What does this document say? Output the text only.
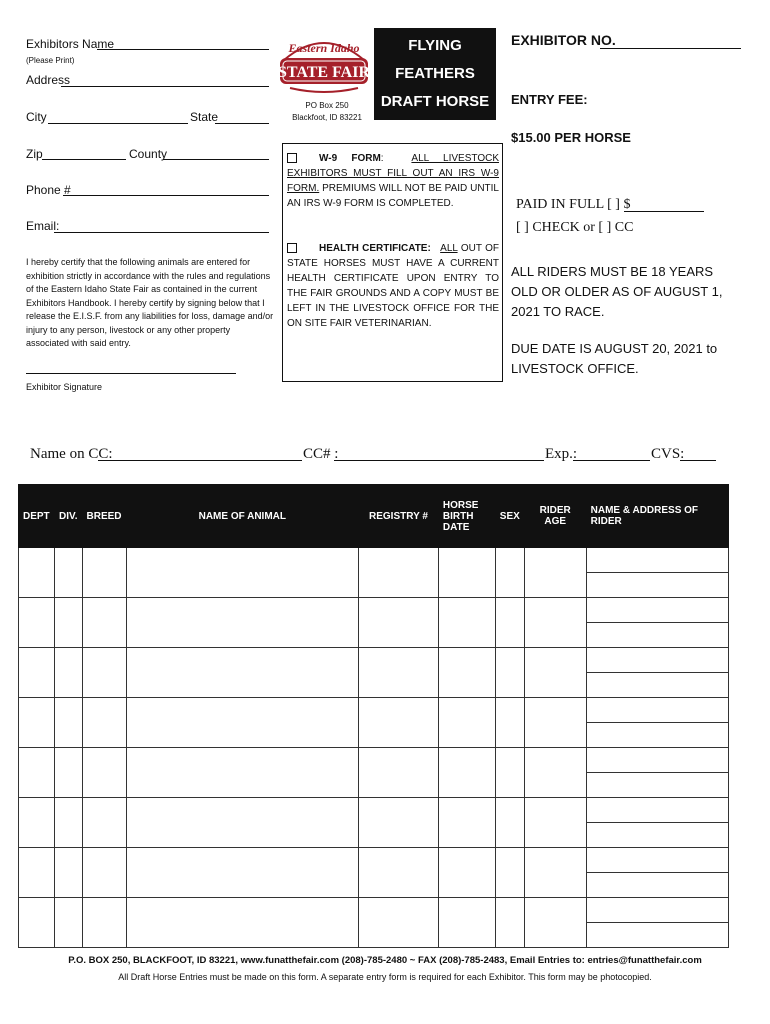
Exhibitors Name
(Please Print)
Address
City	State
Zip	County
Phone #
Email:
I hereby certify that the following animals are entered for exhibition strictly in accordance with the rules and regulations of the Eastern Idaho State Fair as contained in the current Exhibitors Handbook. I hereby certify by signing below that I release the E.I.S.F. from any liabilities for loss, damage and/or injury to any person, livestock or any other property associated with said entry.
Exhibitor Signature
Eastern Idaho
STATE FAIR
PO Box 250
Blackfoot, ID 83221
FLYING FEATHERS
DRAFT HORSE
RACE ENTRY
W-9 FORM:  ALL LIVESTOCK EXHIBITORS MUST FILL OUT AN IRS W-9 FORM. PREMIUMS WILL NOT BE PAID UNTIL AN IRS W-9 FORM IS COMPLETED.
HEALTH CERTIFICATE: ALL OUT OF STATE HORSES MUST HAVE A CURRENT HEALTH CERTIFICATE UPON ENTRY TO THE FAIR GROUNDS AND A COPY MUST BE LEFT IN THE LIVESTOCK OFFICE FOR THE ON SITE FAIR VETERINARIAN.
EXHIBITOR NO.
ENTRY FEE:
$15.00 PER HORSE
PAID IN FULL [ ] $
[ ] CHECK or [ ] CC
ALL RIDERS MUST BE 18 YEARS OLD OR OLDER AS OF AUGUST 1, 2021 TO RACE.
DUE DATE IS AUGUST 20, 2021 to LIVESTOCK OFFICE.
Name on CC:	CC# :	Exp.:	CVS:
DEPT	DIV.	BREED	NAME OF ANIMAL	REGISTRY #	HORSE BIRTH DATE	SEX	RIDER AGE	NAME & ADDRESS OF RIDER

P.O. BOX 250, BLACKFOOT, ID 83221, www.funatthefair.com (208)-785-2480 ~ FAX (208)-785-2483, Email Entries to: entries@funatthefair.com
All Draft Horse Entries must be made on this form. A separate entry form is required for each Exhibitor. This form may be photocopied.
